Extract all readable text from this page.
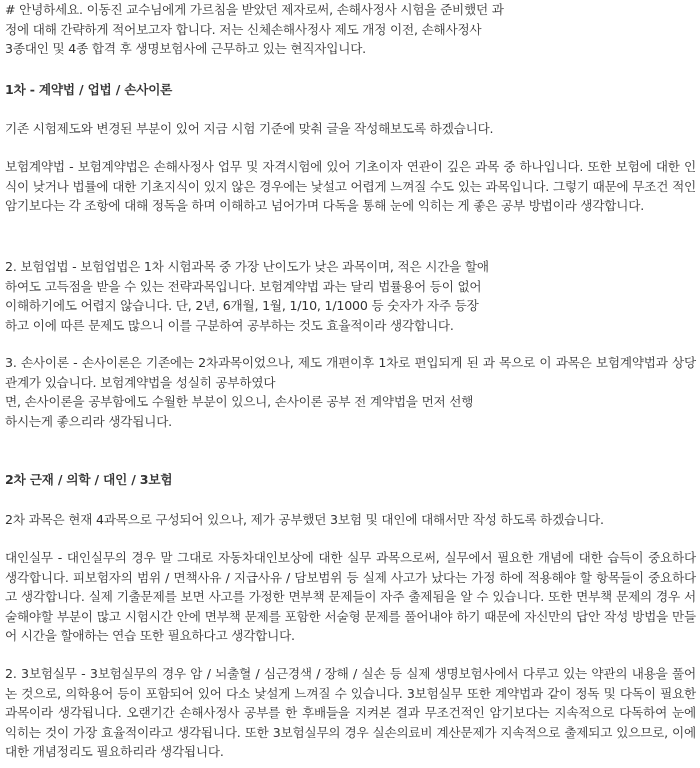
# 안녕하세요. 이동진 교수님에게 가르침을 받았던 제자로써, 손해사정사 시험을 준비했던 과
정에 대해 간략하게 적어보고자 합니다. 저는 신체손해사정사 제도 개정 이전, 손해사정사
3종대인 및 4종 합격 후 생명보험사에 근무하고 있는 현직자입니다.

1차 - 계약법 / 업법 / 손사이론

기존 시험제도와 변경된 부분이 있어 지금 시험 기준에 맞춰 글을 작성해보도록 하겠습니다.

보험계약법 - 보험계약법은 손해사정사 업무 및 자격시험에 있어 기초이자 연관이 깊은 과목 중 하나입니다. 또한 보험에 대한 인식이 낮거나 법률에 대한 기초지식이 있지 않은 경우에는 낯설고 어렵게 느껴질 수도 있는 과목입니다. 그렇기 때문에 무조건 적인 암기보다는 각 조항에 대해 정독을 하며 이해하고 넘어가며 다독을 통해 눈에 익히는 게 좋은 공부 방법이라 생각합니다.

2. 보험업법 - 보험업법은 1차 시험과목 중 가장 난이도가 낮은 과목이며, 적은 시간을 할애
하여도 고득점을 받을 수 있는 전략과목입니다. 보험계약법 과는 달리 법률용어 등이 없어
이해하기에도 어렵지 않습니다. 단, 2년, 6개월, 1월, 1/10, 1/1000 등 숫자가 자주 등장
하고 이에 따른 문제도 많으니 이를 구분하여 공부하는 것도 효율적이라 생각합니다.

3. 손사이론 - 손사이론은 기존에는 2차과목이었으나, 제도 개편이후 1차로 편입되게 된 과 목으로 이 과목은 보험계약법과 상당 관계가 있습니다. 보험계약법을 성실히 공부하였다
면, 손사이론을 공부함에도 수월한 부분이 있으니, 손사이론 공부 전 계약법을 먼저 선행
하시는게 좋으리라 생각됩니다.

2차 근재 / 의학 / 대인 / 3보험

2차 과목은 현재 4과목으로 구성되어 있으나, 제가 공부했던 3보험 및 대인에 대해서만 작성 하도록 하겠습니다.

대인실무 - 대인실무의 경우 말 그대로 자동차대인보상에 대한 실무 과목으로써, 실무에서 필요한 개념에 대한 습득이 중요하다 생각합니다. 피보험자의 범위 / 면책사유 / 지급사유 / 담보범위 등 실제 사고가 났다는 가정 하에 적용해야 할 항목들이 중요하다고 생각합니다. 실제 기출문제를 보면 사고를 가정한 면부책 문제들이 자주 출제됨을 알 수 있습니다. 또한 면부책 문제의 경우 서술해야할 부분이 많고 시험시간 안에 면부책 문제를 포함한 서술형 문제를 풀어내야 하기 때문에 자신만의 답안 작성 방법을 만들어 시간을 할애하는 연습 또한 필요하다고 생각합니다.

2. 3보험실무 - 3보험실무의 경우 암 / 뇌출혈 / 심근경색 / 장해 / 실손 등 실제 생명보험사에서 다루고 있는 약관의 내용을 풀어 논 것으로, 의학용어 등이 포함되어 있어 다소 낯설게 느껴질 수 있습니다. 3보험실무 또한 계약법과 같이 정독 및 다독이 필요한 과목이라 생각됩니다. 오랜기간 손해사정사 공부를 한 후배들을 지켜본 결과 무조건적인 암기보다는 지속적으로 다독하여 눈에 익히는 것이 가장 효율적이라고 생각됩니다. 또한 3보험실무의 경우 실손의료비 계산문제가 지속적으로 출제되고 있으므로, 이에 대한 개념정리도 필요하리라 생각됩니다.
